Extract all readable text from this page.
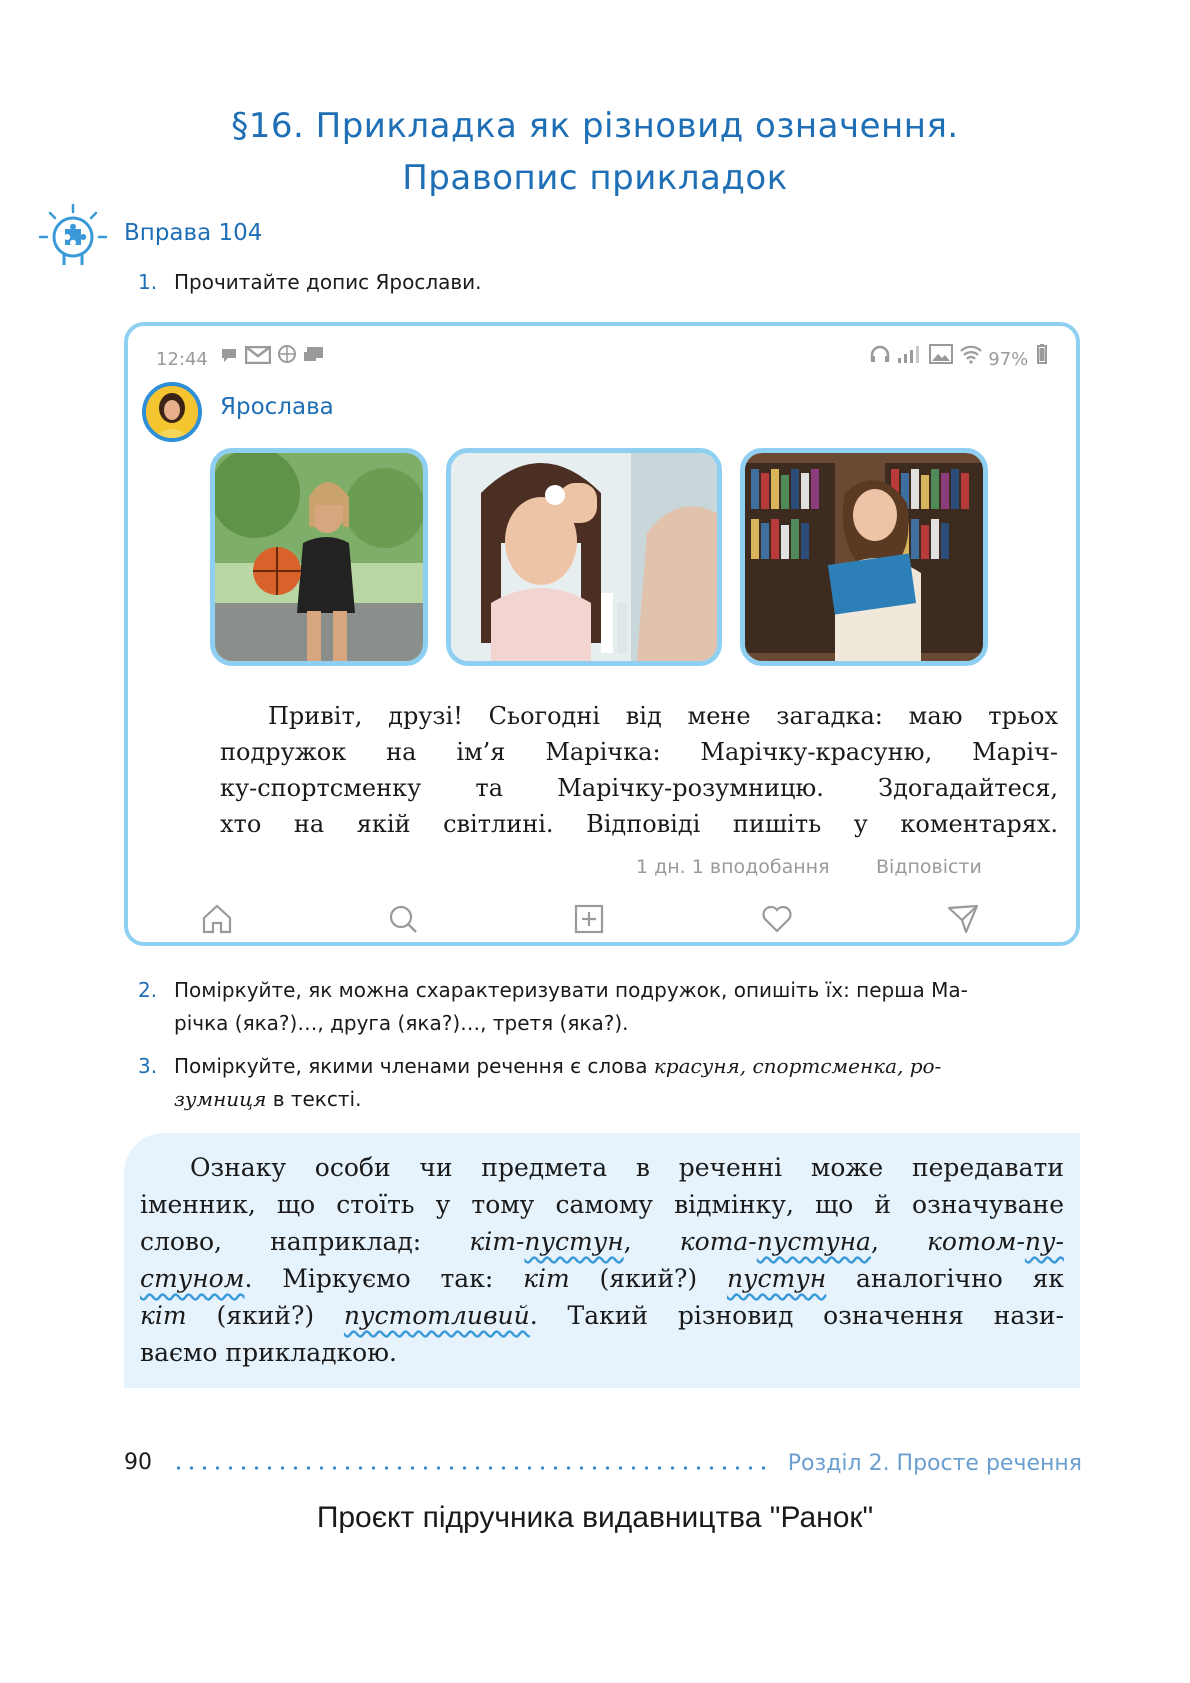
§16. Прикладка як різновид означення.
Правопис прикладок
Вправа 104
1. Прочитайте допис Ярослави.
12:44	97%
Ярослава

Привіт, друзі! Сьогодні від мене загадка: маю трьох

подружок на ім’я Марічка: Марічку-красуню, Маріч-
ку-спортсменку та Марічку-розумницю. Здогадайтеся,
хто на якій світлині. Відповіді пишіть у коментарях.
1 дн. 1 вподобання Відповісти
2. Поміркуйте, як можна схарактеризувати подружок, опишіть їх: перша Ма-
річка (яка?)…, друга (яка?)…, третя (яка?).
3. Поміркуйте, якими членами речення є слова красуня, спортсменка, ро-
зумниця в тексті.

Ознаку особи чи предмета в реченні може передавати

іменник, що стоїть у тому самому відмінку, що й означуване
слово, наприклад: кіт-пустун, кота-пустуна, котом-пу-
стуном. Міркуємо так: кіт (який?) пустун аналогічно як
кіт (який?) пустотливий. Такий різновид означення нази-
ваємо прикладкою.
90	Розділ 2. Просте речення
Проєкт підручника видавництва "Ранок"
